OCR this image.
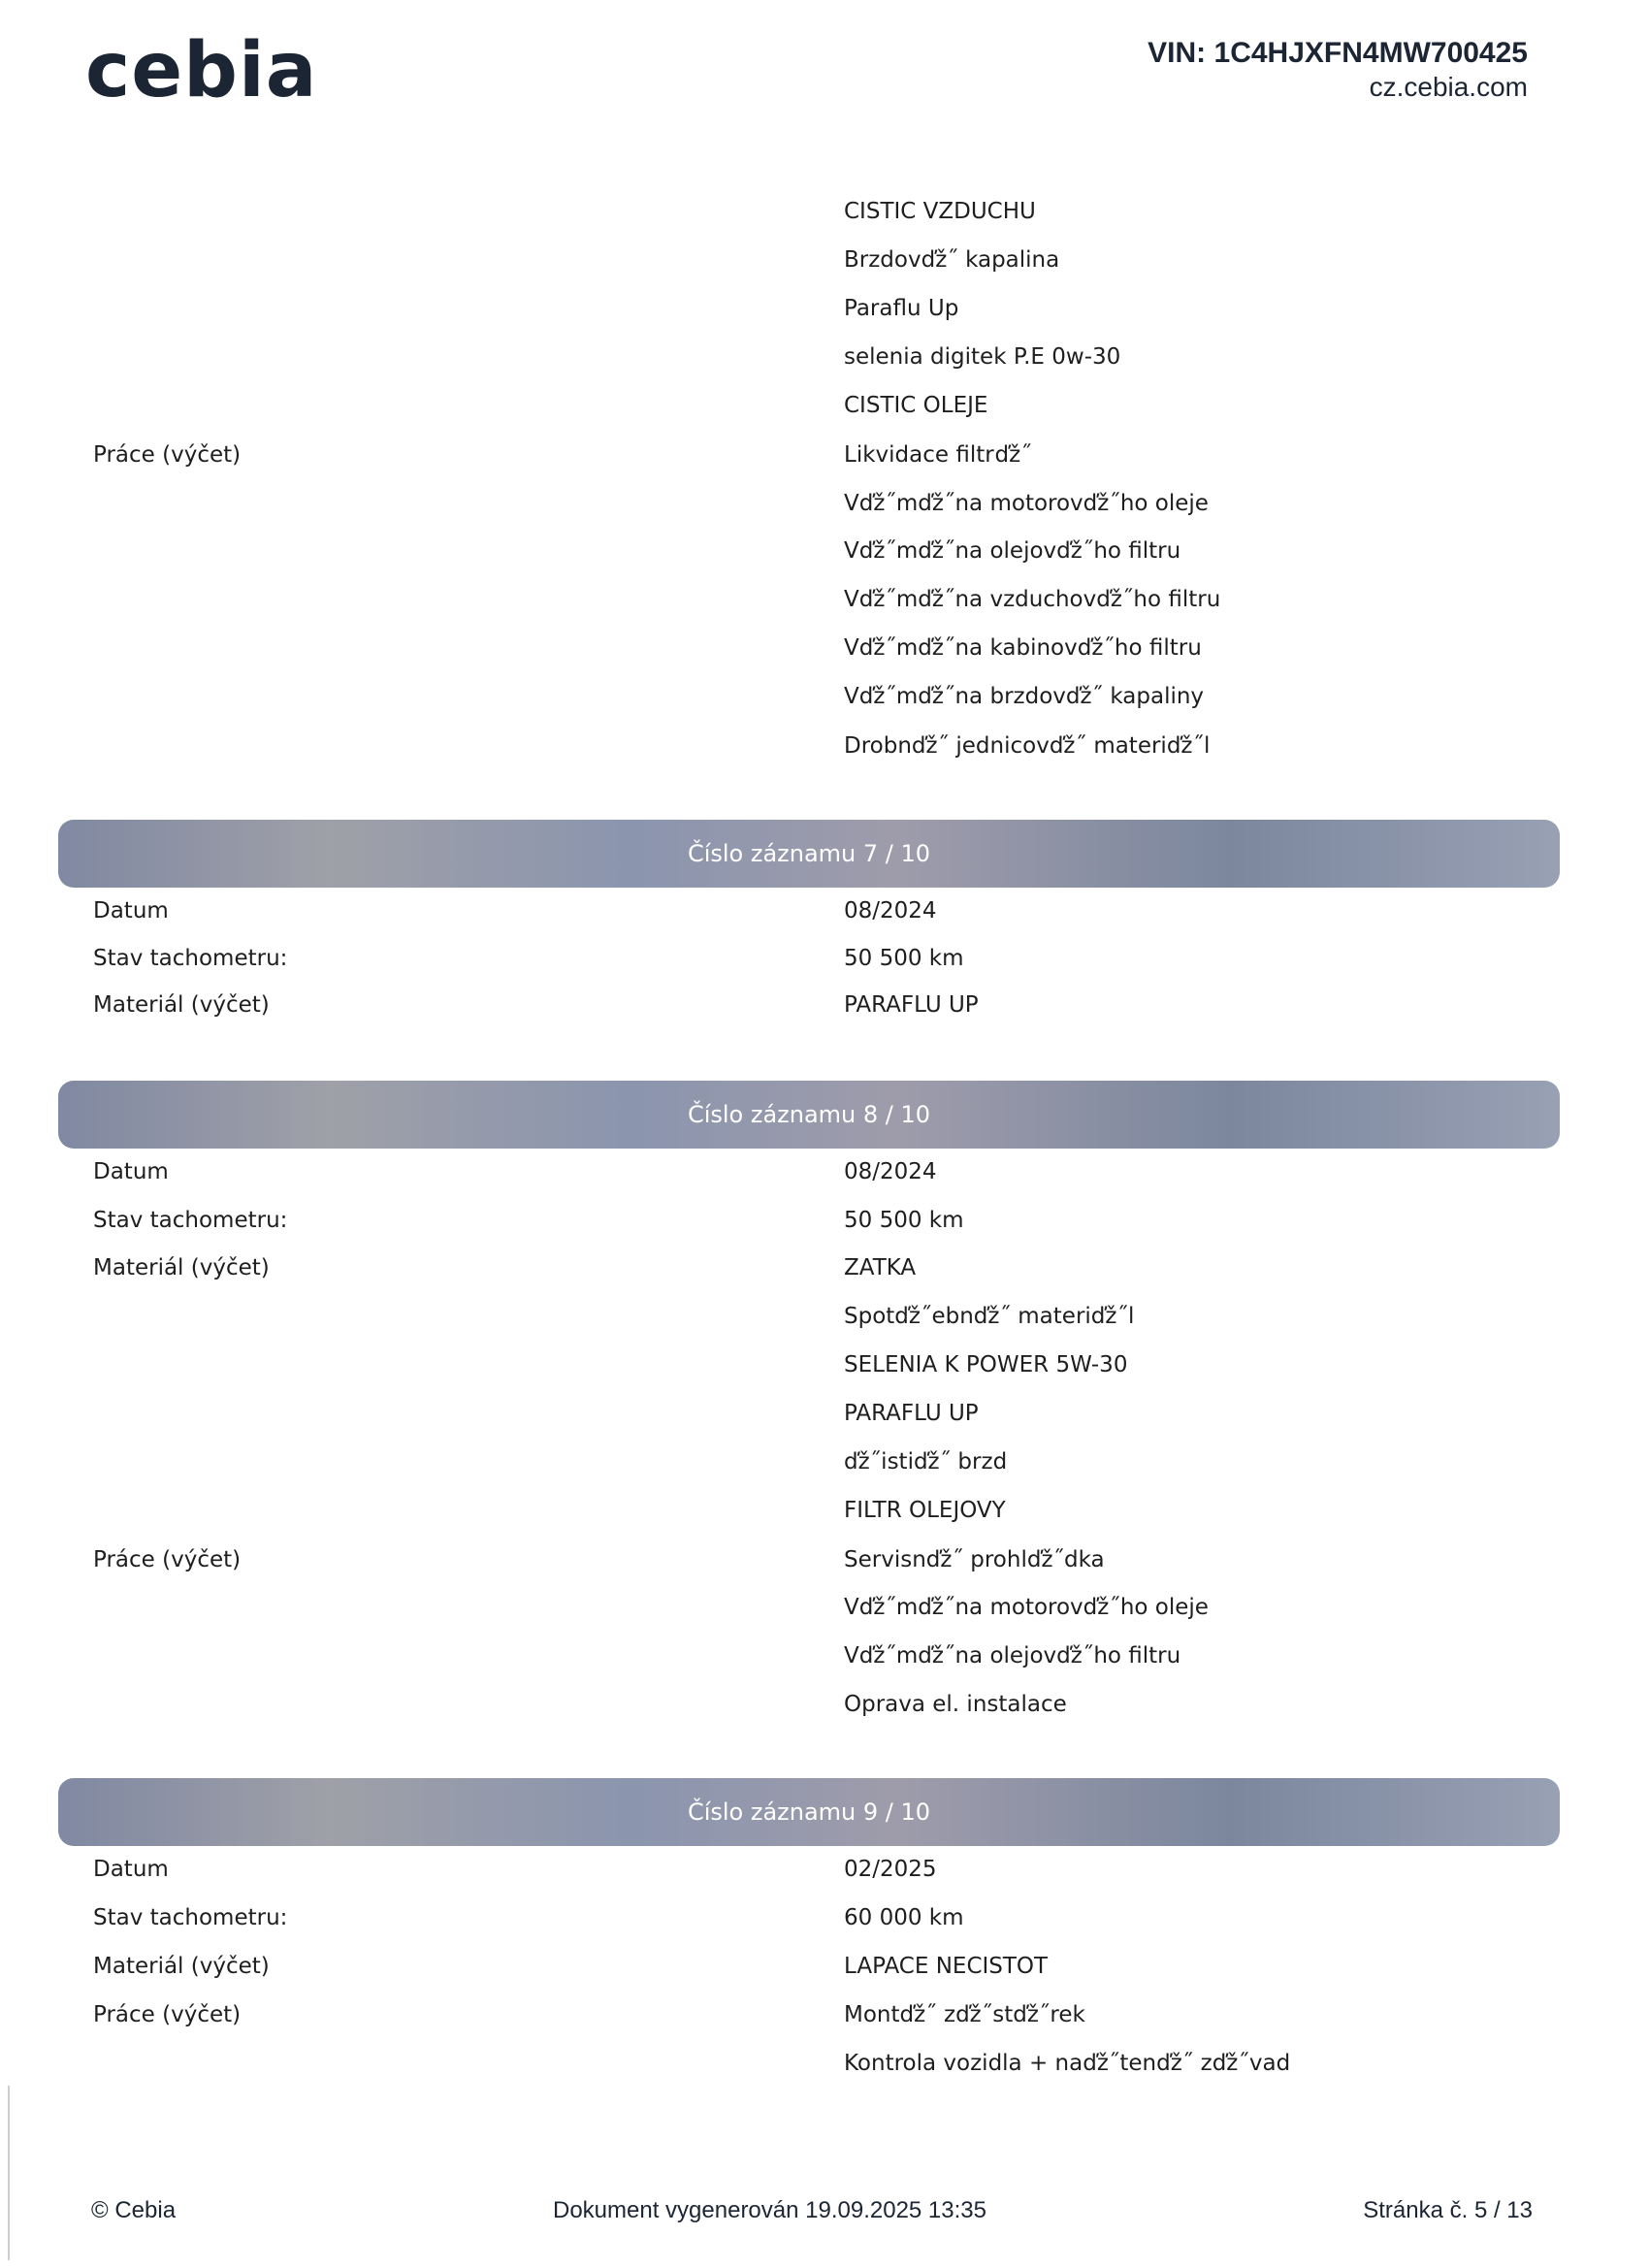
cebia	VIN: 1C4HJXFN4MW700425
cz.cebia.com
CISTIC VZDUCHU
Brzdovďž˝ kapalina
Paraflu Up
selenia digitek P.E 0w-30
CISTIC OLEJE
Práce (výčet)	Likvidace filtrďž˝
Vďž˝mďž˝na motorovďž˝ho oleje
Vďž˝mďž˝na olejovďž˝ho filtru
Vďž˝mďž˝na vzduchovďž˝ho filtru
Vďž˝mďž˝na kabinovďž˝ho filtru
Vďž˝mďž˝na brzdovďž˝ kapaliny
Drobnďž˝ jednicovďž˝ materiďž˝l
Číslo záznamu 7 / 10
Datum	08/2024
Stav tachometru:	50 500 km
Materiál (výčet)	PARAFLU UP
Číslo záznamu 8 / 10
Datum	08/2024
Stav tachometru:	50 500 km
Materiál (výčet)	ZATKA
Spotďž˝ebnďž˝ materiďž˝l
SELENIA K POWER 5W-30
PARAFLU UP
ďž˝istiďž˝ brzd
FILTR OLEJOVY
Práce (výčet)	Servisnďž˝ prohlďž˝dka
Vďž˝mďž˝na motorovďž˝ho oleje
Vďž˝mďž˝na olejovďž˝ho filtru
Oprava el. instalace
Číslo záznamu 9 / 10
Datum	02/2025
Stav tachometru:	60 000 km
Materiál (výčet)	LAPACE NECISTOT
Práce (výčet)	Montďž˝ zďž˝stďž˝rek
Kontrola vozidla + naďž˝tenďž˝ zďž˝vad
© Cebia	Dokument vygenerován 19.09.2025 13:35	Stránka č. 5 / 13
